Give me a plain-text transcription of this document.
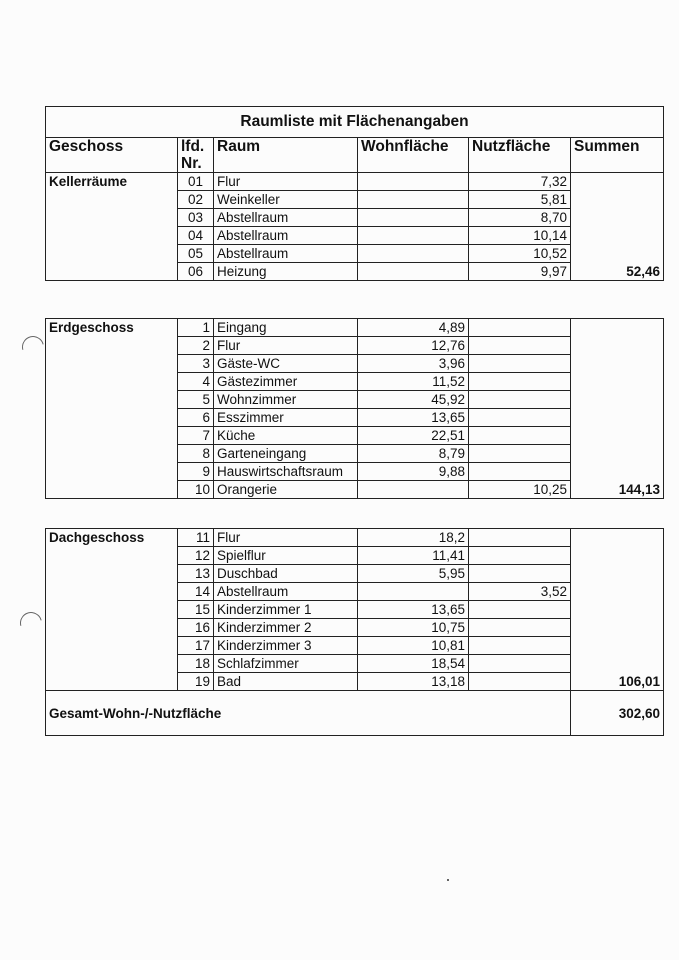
Raumliste mit Flächenangaben					
Geschoss	lfd.	Raum	Wohnfläche	Nutzfläche	Summen
	Nr.				
Kellerräume	01	Flur		7,32	
	02	Weinkeller		5,81	
	03	Abstellraum		8,70	
	04	Abstellraum		10,14	
	05	Abstellraum		10,52	
	06	Heizung		9,97	52,46
Erdgeschoss	1	Eingang	4,89		
	2	Flur	12,76		
	3	Gäste-WC	3,96		
	4	Gästezimmer	11,52		
	5	Wohnzimmer	45,92		
	6	Esszimmer	13,65		
	7	Küche	22,51		
	8	Garteneingang	8,79		
	9	Hauswirtschaftsraum	9,88		
	10	Orangerie		10,25	144,13
Dachgeschoss	11	Flur	18,2		
	12	Spielflur	11,41		
	13	Duschbad	5,95		
	14	Abstellraum		3,52	
	15	Kinderzimmer 1	13,65		
	16	Kinderzimmer 2	10,75		
	17	Kinderzimmer 3	10,81		
	18	Schlafzimmer	18,54		
	19	Bad	13,18		106,01
Gesamt-Wohn-/-Nutzfläche					302,60
